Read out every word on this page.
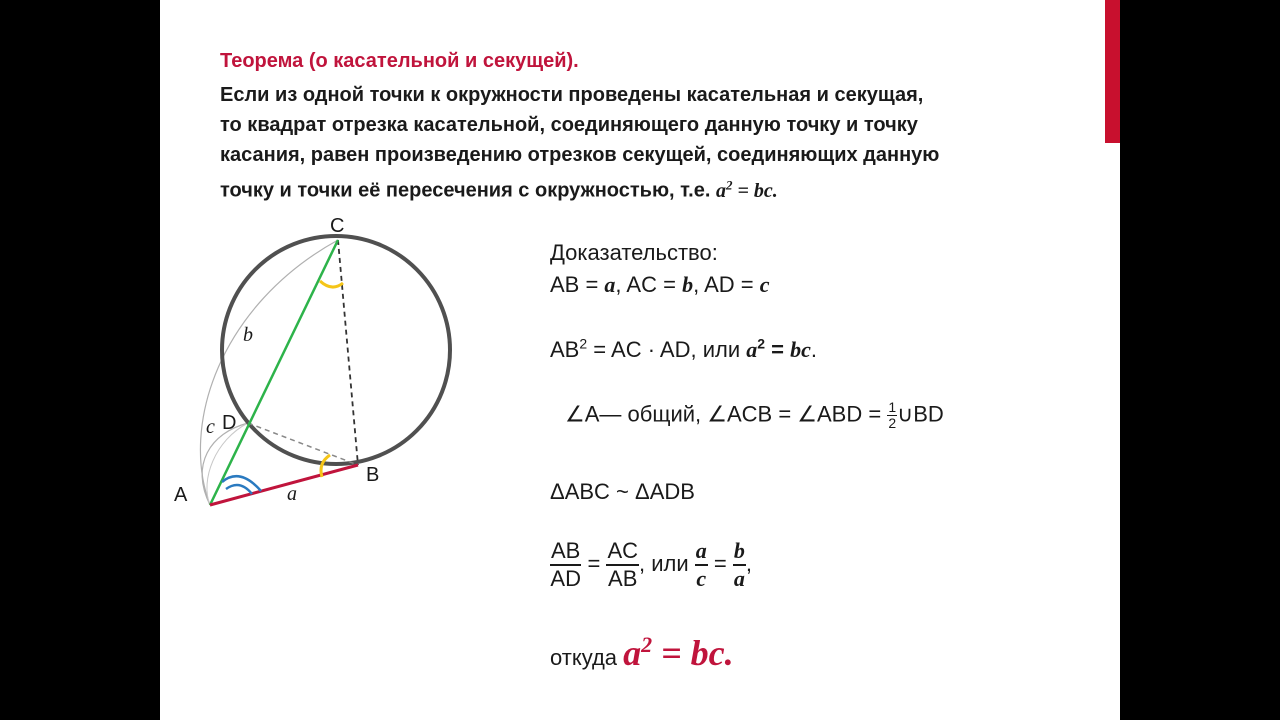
Теорема (о касательной и секущей).

Если из одной точки к окружности проведены касательная и секущая,
то квадрат отрезка касательной, соединяющего данную точку и точку
касания, равен произведению отрезков секущей, соединяющих данную
точку и точки её пересечения с окружностью, т.е. $a^2$ = bc.

C
D
A
B
b
c
a
Доказательство:
AB = a, AC = b, AD = c
$AB^2$ = AC · AD, или $a^2$ = bc.
∠A— общий, ∠ACB = ∠ABD = $\frac{1}{2}$ ∪BD
ΔABC ~ ΔADB
$\frac{AB}{AD} = \frac{AC}{AB}$ , или $\frac{a}{c} = \frac{b}{a}$ ,
откуда $a^2$ = bc.
